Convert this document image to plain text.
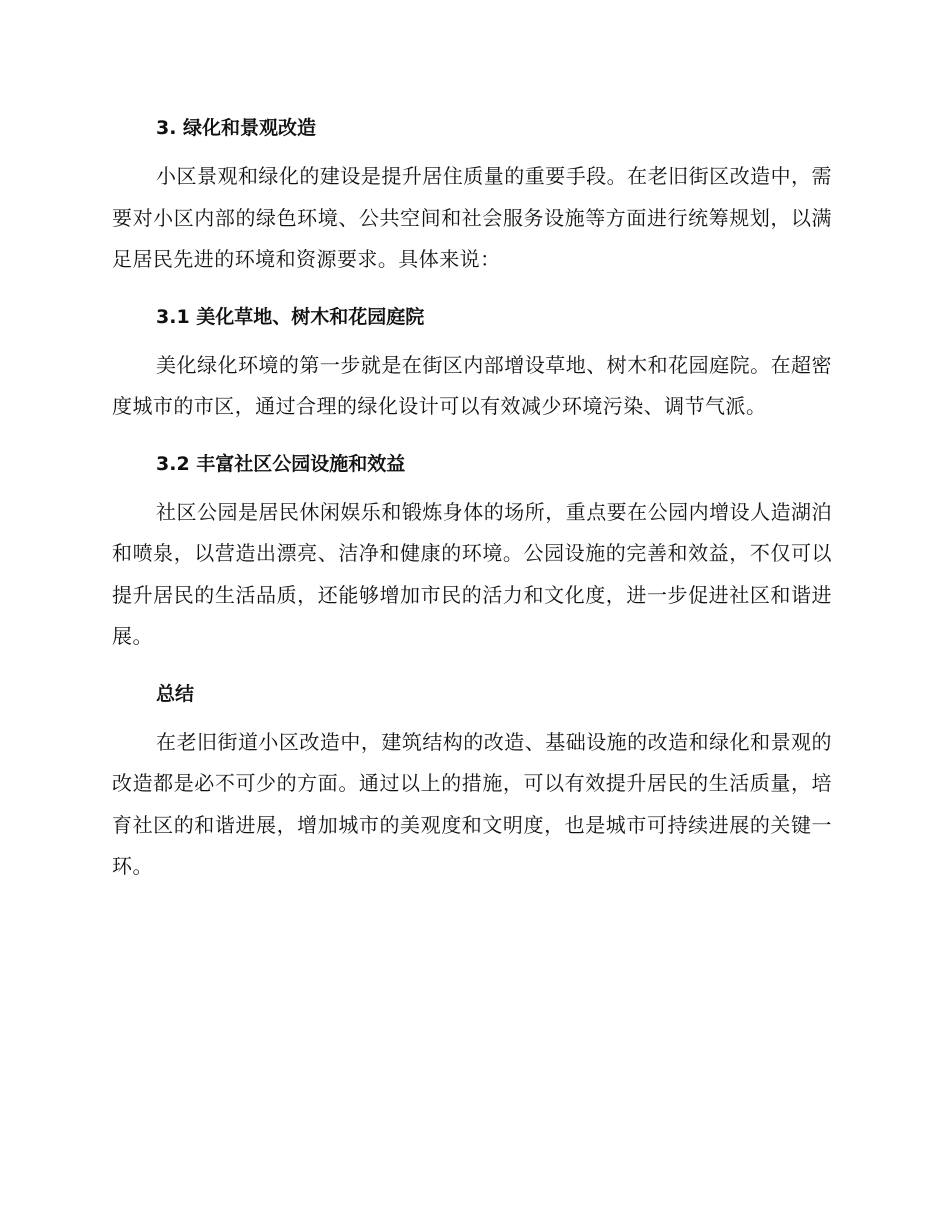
3. 绿化和景观改造

小区景观和绿化的建设是提升居住质量的重要手段。在老旧街区改造中，需要对小区内部的绿色环境、公共空间和社会服务设施等方面进行统筹规划，以满足居民先进的环境和资源要求。具体来说：

3.1 美化草地、树木和花园庭院

美化绿化环境的第一步就是在街区内部增设草地、树木和花园庭院。在超密度城市的市区，通过合理的绿化设计可以有效减少环境污染、调节气派。

3.2 丰富社区公园设施和效益

社区公园是居民休闲娱乐和锻炼身体的场所，重点要在公园内增设人造湖泊和喷泉，以营造出漂亮、洁净和健康的环境。公园设施的完善和效益，不仅可以提升居民的生活品质，还能够增加市民的活力和文化度，进一步促进社区和谐进展。

总结

在老旧街道小区改造中，建筑结构的改造、基础设施的改造和绿化和景观的改造都是必不可少的方面。通过以上的措施，可以有效提升居民的生活质量，培育社区的和谐进展，增加城市的美观度和文明度，也是城市可持续进展的关键一环。
